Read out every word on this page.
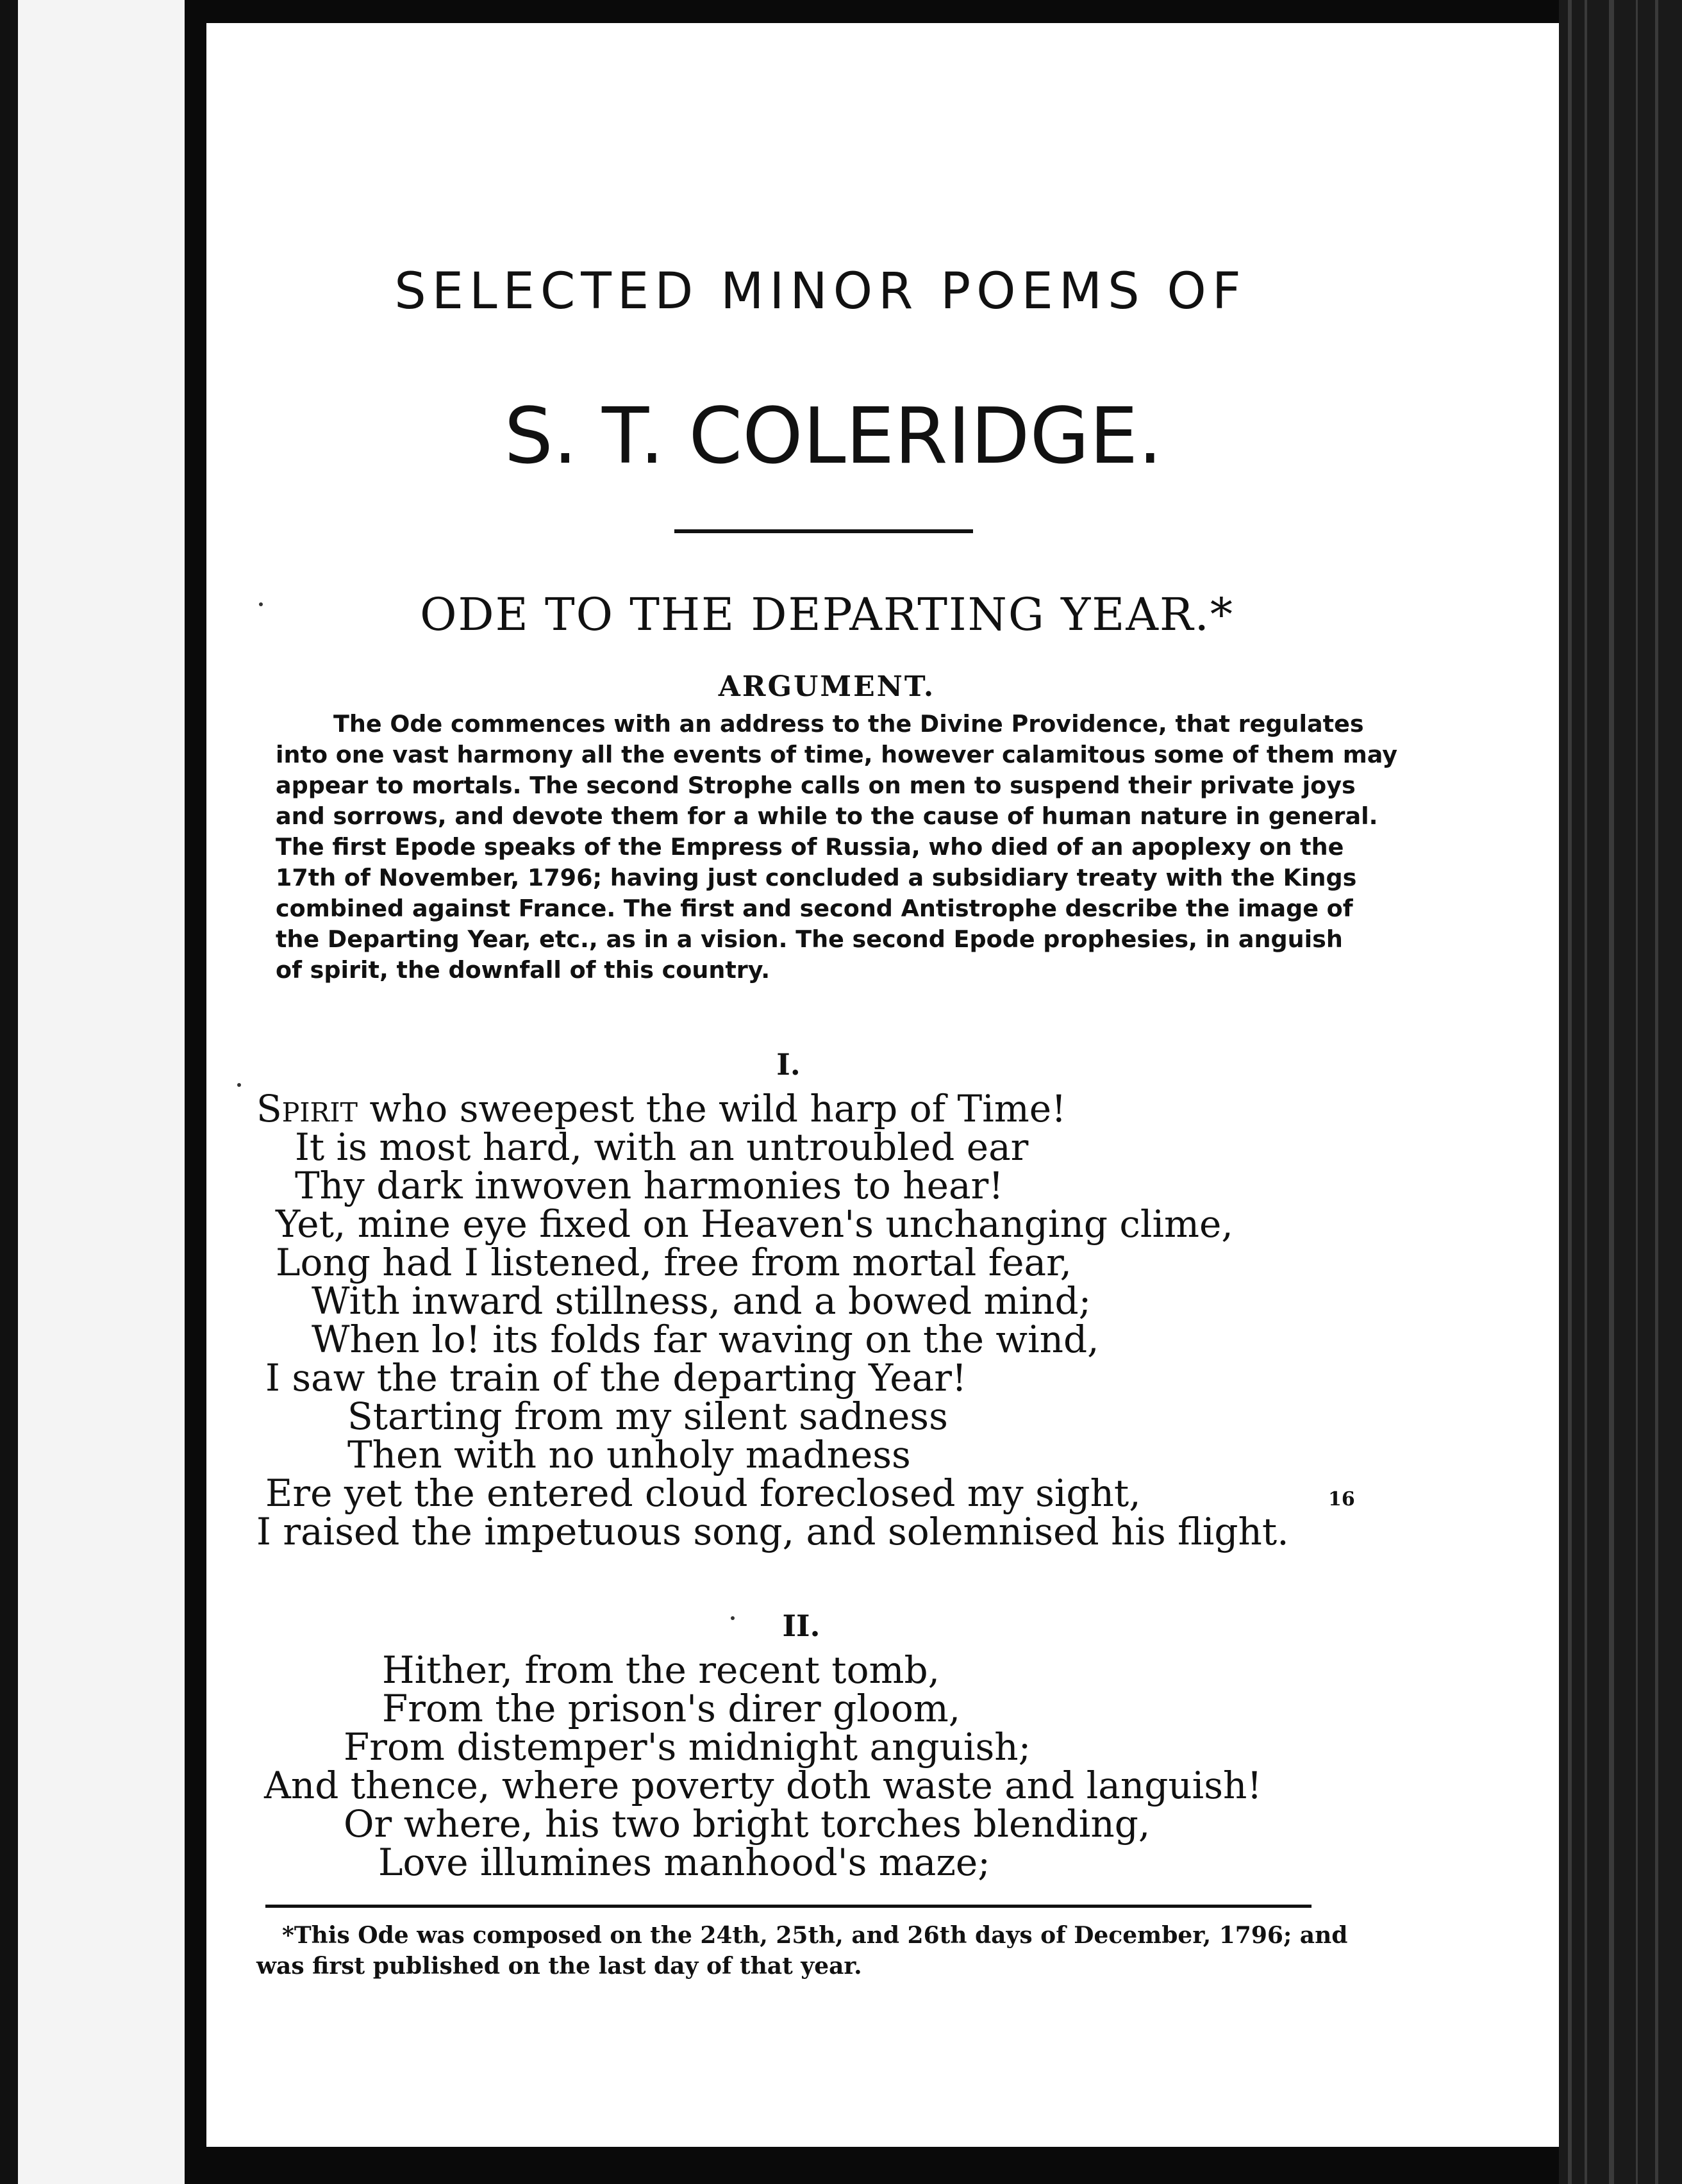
SELECTED MINOR POEMS OF
S. T. COLERIDGE.
ODE TO THE DEPARTING YEAR.*
ARGUMENT.
The Ode commences with an address to the Divine Providence, that regulates
into one vast harmony all the events of time, however calamitous some of them may
appear to mortals. The second Strophe calls on men to suspend their private joys
and sorrows, and devote them for a while to the cause of human nature in general.
The first Epode speaks of the Empress of Russia, who died of an apoplexy on the
17th of November, 1796; having just concluded a subsidiary treaty with the Kings
combined against France. The first and second Antistrophe describe the image of
the Departing Year, etc., as in a vision. The second Epode prophesies, in anguish
of spirit, the downfall of this country.
I.
Spirit who sweepest the wild harp of Time!
It is most hard, with an untroubled ear
Thy dark inwoven harmonies to hear!
Yet, mine eye fixed on Heaven's unchanging clime,
Long had I listened, free from mortal fear,
With inward stillness, and a bowed mind;
When lo! its folds far waving on the wind,
I saw the train of the departing Year!
Starting from my silent sadness
Then with no unholy madness
Ere yet the entered cloud foreclosed my sight,
I raised the impetuous song, and solemnised his flight.
16
II.
Hither, from the recent tomb,
From the prison's direr gloom,
From distemper's midnight anguish;
And thence, where poverty doth waste and languish!
Or where, his two bright torches blending,
Love illumines manhood's maze;
*This Ode was composed on the 24th, 25th, and 26th days of December, 1796; and
was first published on the last day of that year.
